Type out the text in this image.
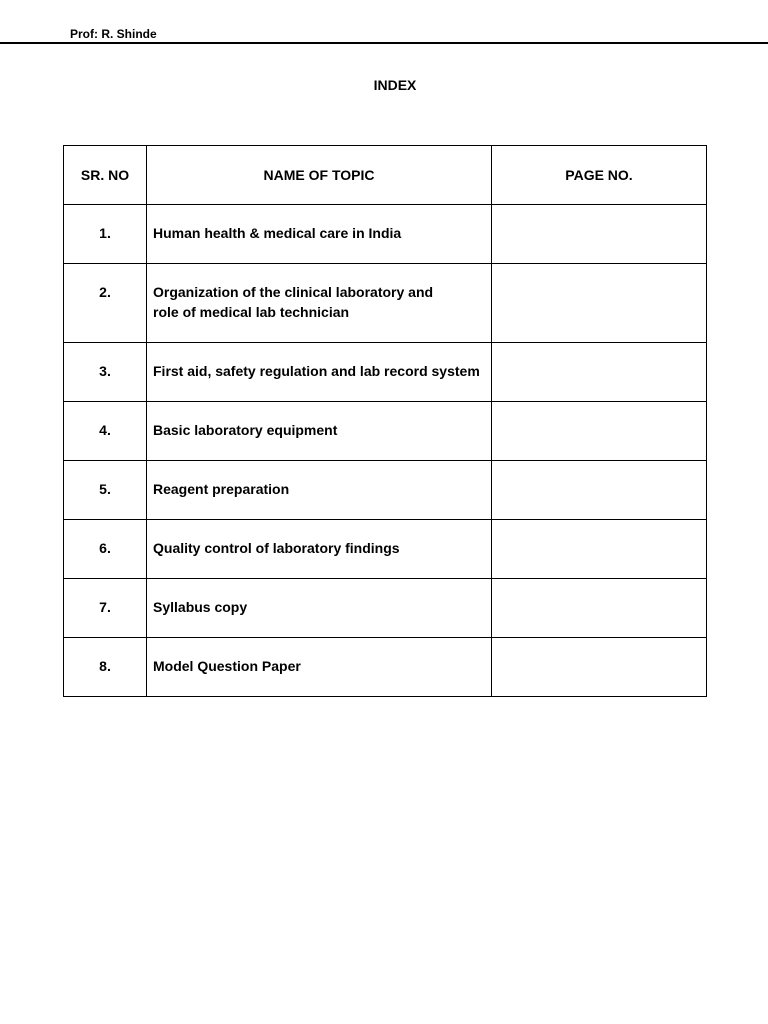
Prof: R. Shinde
INDEX
SR. NO	NAME OF TOPIC	PAGE NO.
1.	Human health & medical care in India	

2.	Organization of the clinical laboratory and
role of medical lab technician	

3.	First aid, safety regulation and lab record system	

4.	Basic laboratory equipment	

5.	Reagent preparation	

6.	Quality control of laboratory findings	

7.	Syllabus copy	

8.	Model Question Paper	
